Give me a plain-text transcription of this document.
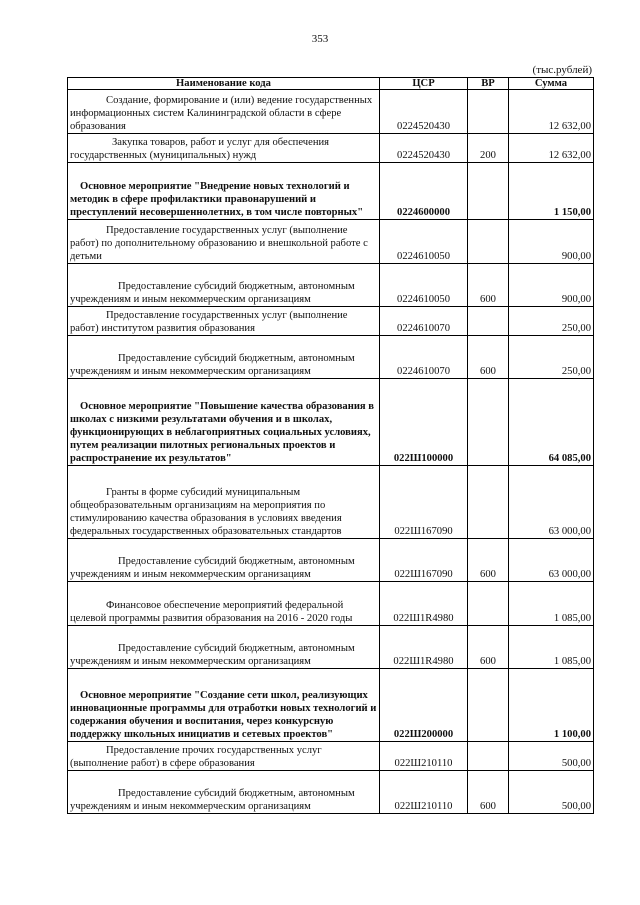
353
(тыс.рублей)
Наименование кода	ЦСР	ВР	Сумма
Создание, формирование и (или) ведение государственных информационных систем Калининградской области в сфере образования	0224520430		12 632,00
Закупка товаров, работ и услуг для обеспечения государственных (муниципальных) нужд	0224520430	200	12 632,00
Основное мероприятие "Внедрение новых технологий и методик в сфере профилактики правонарушений и преступлений несовершеннолетних, в том числе повторных"	0224600000		1 150,00
Предоставление государственных услуг (выполнение работ) по дополнительному образованию и внешкольной работе с детьми	0224610050		900,00
Предоставление субсидий бюджетным, автономным учреждениям и иным некоммерческим организациям	0224610050	600	900,00
Предоставление государственных услуг (выполнение работ) институтом развития образования	0224610070		250,00
Предоставление субсидий бюджетным, автономным учреждениям и иным некоммерческим организациям	0224610070	600	250,00
Основное мероприятие "Повышение качества образования в школах с низкими результатами обучения и в школах, функционирующих в неблагоприятных социальных условиях, путем реализации пилотных региональных проектов и распространение их результатов"	022Ш100000		64 085,00
Гранты в форме субсидий муниципальным общеобразовательным организациям на мероприятия по стимулированию качества образования в условиях введения федеральных государственных образовательных стандартов	022Ш167090		63 000,00
Предоставление субсидий бюджетным, автономным учреждениям и иным некоммерческим организациям	022Ш167090	600	63 000,00
Финансовое обеспечение мероприятий федеральной целевой программы развития образования на 2016 - 2020 годы	022Ш1R4980		1 085,00
Предоставление субсидий бюджетным, автономным учреждениям и иным некоммерческим организациям	022Ш1R4980	600	1 085,00
Основное мероприятие "Создание сети школ, реализующих инновационные программы для отработки новых технологий и содержания обучения и воспитания, через конкурсную поддержку школьных инициатив и сетевых проектов"	022Ш200000		1 100,00
Предоставление прочих государственных услуг (выполнение работ) в сфере образования	022Ш210110		500,00
Предоставление субсидий бюджетным, автономным учреждениям и иным некоммерческим организациям	022Ш210110	600	500,00
